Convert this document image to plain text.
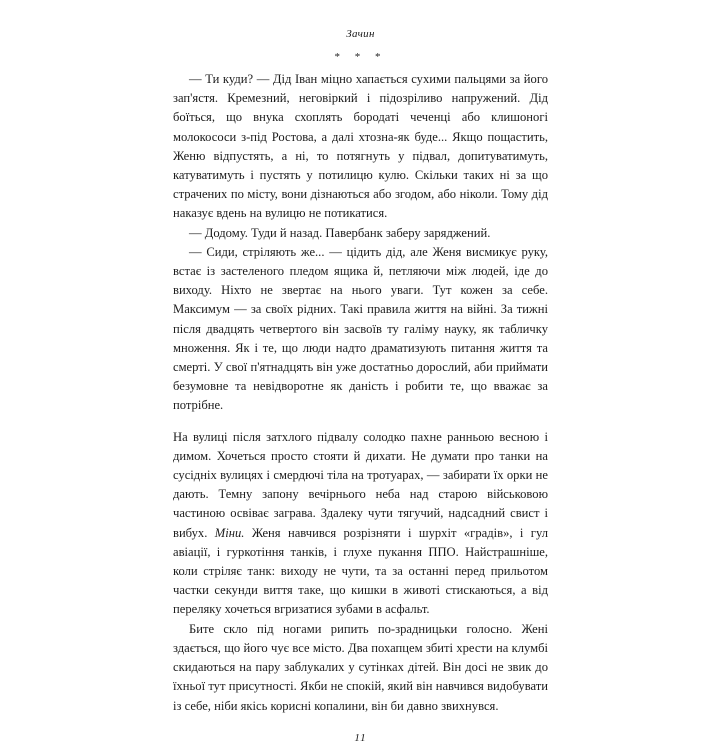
Зачин
* * *

— Ти куди? — Дід Іван міцно хапається сухими пальцями за його зап'ястя. Кремезний, неговіркий і підозріливо напружений. Дід боїться, що внука схоплять бородаті чеченці або клишоногі молокососи з-під Ростова, а далі хтозна-як буде... Якщо пощастить, Женю відпустять, а ні, то потягнуть у підвал, допитуватимуть, катуватимуть і пустять у потилицю кулю. Скільки таких ні за що страчених по місту, вони дізнаються або згодом, або ніколи. Тому дід наказує вдень на вулицю не потикатися.

— Додому. Туди й назад. Павербанк заберу заряджений.

— Сиди, стріляють же... — цідить дід, але Женя висмикує руку, встає із застеленого пледом ящика й, петляючи між людей, іде до виходу. Ніхто не звертає на нього уваги. Тут кожен за себе. Максимум — за своїх рідних. Такі правила життя на війні. За тижні після двадцять четвертого він засвоїв ту галіму науку, як табличку множення. Як і те, що люди надто драматизують питання життя та смерті. У свої п'ятнадцять він уже достатньо дорослий, аби приймати безумовне та невідворотне як даність і робити те, що вважає за потрібне.

На вулиці після затхлого підвалу солодко пахне ранньою весною і димом. Хочеться просто стояти й дихати. Не думати про танки на сусідніх вулицях і смердючі тіла на тротуарах, — забирати їх орки не дають. Темну запону вечірнього неба над старою військовою частиною освіває заграва. Здалеку чути тягучий, надсадний свист і вибух. Міни. Женя навчився розрізняти і шурхіт «градів», і гул авіації, і гуркотіння танків, і глухе пукання ППО. Найстрашніше, коли стріляє танк: виходу не чути, та за останні перед прильотом частки секунди виття таке, що кишки в животі стискаються, а від переляку хочеться вгризатися зубами в асфальт.

Бите скло під ногами рипить по-зрадницьки голосно. Жені здається, що його чує все місто. Два похапцем збиті хрести на клумбі скидаються на пару заблукалих у сутінках дітей. Він досі не звик до їхньої тут присутності. Якби не спокій, який він навчився видобувати із себе, ніби якісь корисні копалини, він би давно звихнувся.

11
